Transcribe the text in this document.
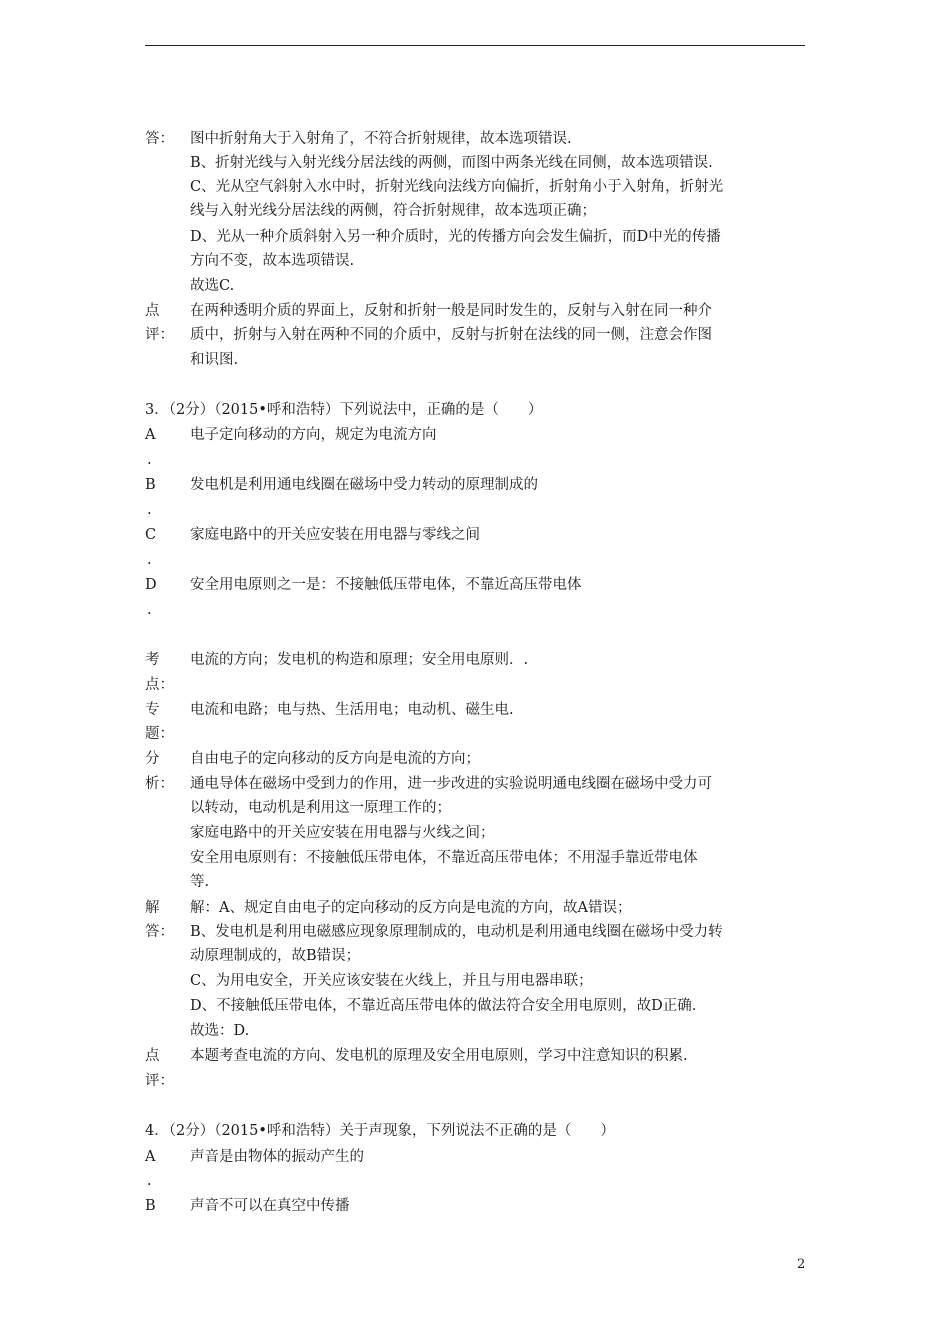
答： 图中折射角大于入射角了，不符合折射规律，故本选项错误.
B、折射光线与入射光线分居法线的两侧，而图中两条光线在同侧，故本选项错误.
C、光从空气斜射入水中时，折射光线向法线方向偏折，折射角小于入射角，折射光
线与入射光线分居法线的两侧，符合折射规律，故本选项正确；
D、光从一种介质斜射入另一种介质时，光的传播方向会发生偏折，而D中光的传播
方向不变，故本选项错误.
故选C.
点
评：
在两种透明介质的界面上，反射和折射一般是同时发生的，反射与入射在同一种介
质中，折射与入射在两种不同的介质中，反射与折射在法线的同一侧，注意会作图
和识图.
3．（2分）（2015•呼和浩特）下列说法中，正确的是（　　）
A 电子定向移动的方向，规定为电流方向
.
B 发电机是利用通电线圈在磁场中受力转动的原理制成的
.
C 家庭电路中的开关应安装在用电器与零线之间
.
D 安全用电原则之一是：不接触低压带电体，不靠近高压带电体
.
考
点：
电流的方向；发电机的构造和原理；安全用电原则．.
专
题：
电流和电路；电与热、生活用电；电动机、磁生电.
分
析：
自由电子的定向移动的反方向是电流的方向；
通电导体在磁场中受到力的作用，进一步改进的实验说明通电线圈在磁场中受力可
以转动，电动机是利用这一原理工作的；
家庭电路中的开关应安装在用电器与火线之间；
安全用电原则有：不接触低压带电体，不靠近高压带电体；不用湿手靠近带电体
等.
解
答：
解：A、规定自由电子的定向移动的反方向是电流的方向，故A错误；
B、发电机是利用电磁感应现象原理制成的，电动机是利用通电线圈在磁场中受力转
动原理制成的，故B错误；
C、为用电安全，开关应该安装在火线上，并且与用电器串联；
D、不接触低压带电体，不靠近高压带电体的做法符合安全用电原则，故D正确.
故选：D.
点
评：
本题考查电流的方向、发电机的原理及安全用电原则，学习中注意知识的积累.
4．（2分）（2015•呼和浩特）关于声现象，下列说法不正确的是（　　）
A 声音是由物体的振动产生的
.
B 声音不可以在真空中传播
2
